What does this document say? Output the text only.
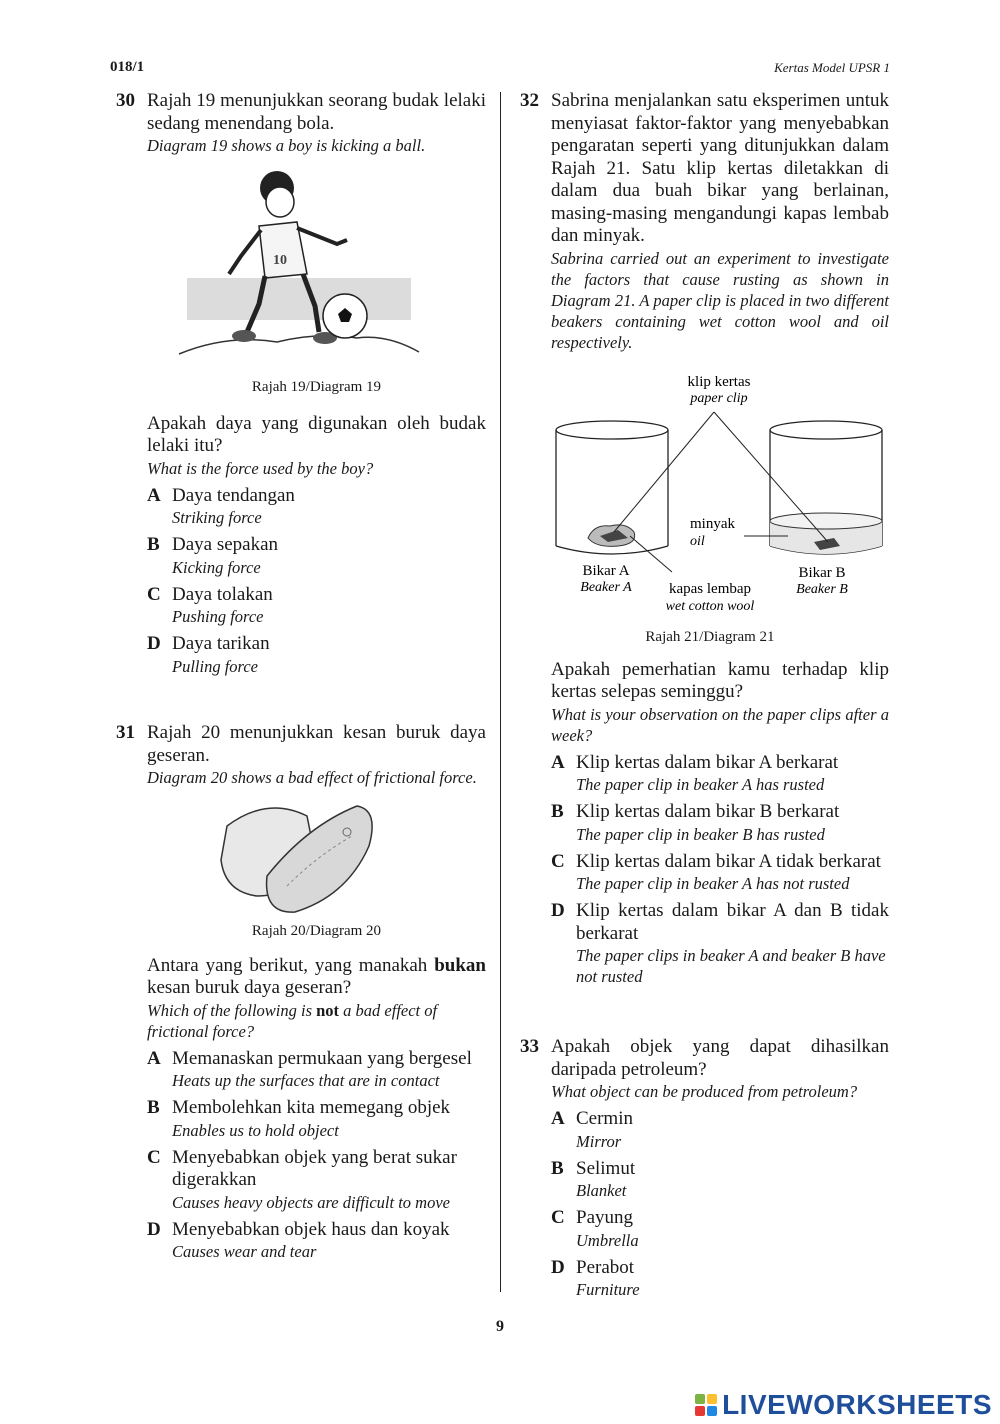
018/1	Kertas Model UPSR 1
30 Rajah 19 menunjukkan seorang budak lelaki sedang menendang bola.

Diagram 19 shows a boy is kicking a ball.

10
Rajah 19/Diagram 19

Apakah daya yang digunakan oleh budak lelaki itu?

What is the force used by the boy?

A Daya tendangan
Striking force
B Daya sepakan
Kicking force
C Daya tolakan
Pushing force
D Daya tarikan
Pulling force
31 Rajah 20 menunjukkan kesan buruk daya geseran.

Diagram 20 shows a bad effect of frictional force.

Rajah 20/Diagram 20

Antara yang berikut, yang manakah bukan kesan buruk daya geseran?

Which of the following is not a bad effect of frictional force?

A Memanaskan permukaan yang bergesel
Heats up the surfaces that are in contact
B Membolehkan kita memegang objek
Enables us to hold object
C Menyebabkan objek yang berat sukar digerakkan
Causes heavy objects are difficult to move
D Menyebabkan objek haus dan koyak
Causes wear and tear
32 Sabrina menjalankan satu eksperimen untuk menyiasat faktor-faktor yang menyebabkan pengaratan seperti yang ditunjukkan dalam Rajah 21. Satu klip kertas diletakkan di dalam dua buah bikar yang berlainan, masing-masing mengandungi kapas lembab dan minyak.

Sabrina carried out an experiment to investigate the factors that cause rusting as shown in Diagram 21. A paper clip is placed in two different beakers containing wet cotton wool and oil respectively.

klip kertas
paper clip
minyak
oil
Bikar A
Beaker A kapas lembap
wet cotton wool
Bikar B
Beaker B
Rajah 21/Diagram 21

Apakah pemerhatian kamu terhadap klip kertas selepas seminggu?

What is your observation on the paper clips after a week?

A Klip kertas dalam bikar A berkarat
The paper clip in beaker A has rusted
B Klip kertas dalam bikar B berkarat
The paper clip in beaker B has rusted
C Klip kertas dalam bikar A tidak berkarat
The paper clip in beaker A has not rusted
D Klip kertas dalam bikar A dan B tidak berkarat
The paper clips in beaker A and beaker B have not rusted
33 Apakah objek yang dapat dihasilkan daripada petroleum?

What object can be produced from petroleum?

A Cermin
Mirror
B Selimut
Blanket
C Payung
Umbrella
D Perabot
Furniture
9
LIVEWORKSHEETS
